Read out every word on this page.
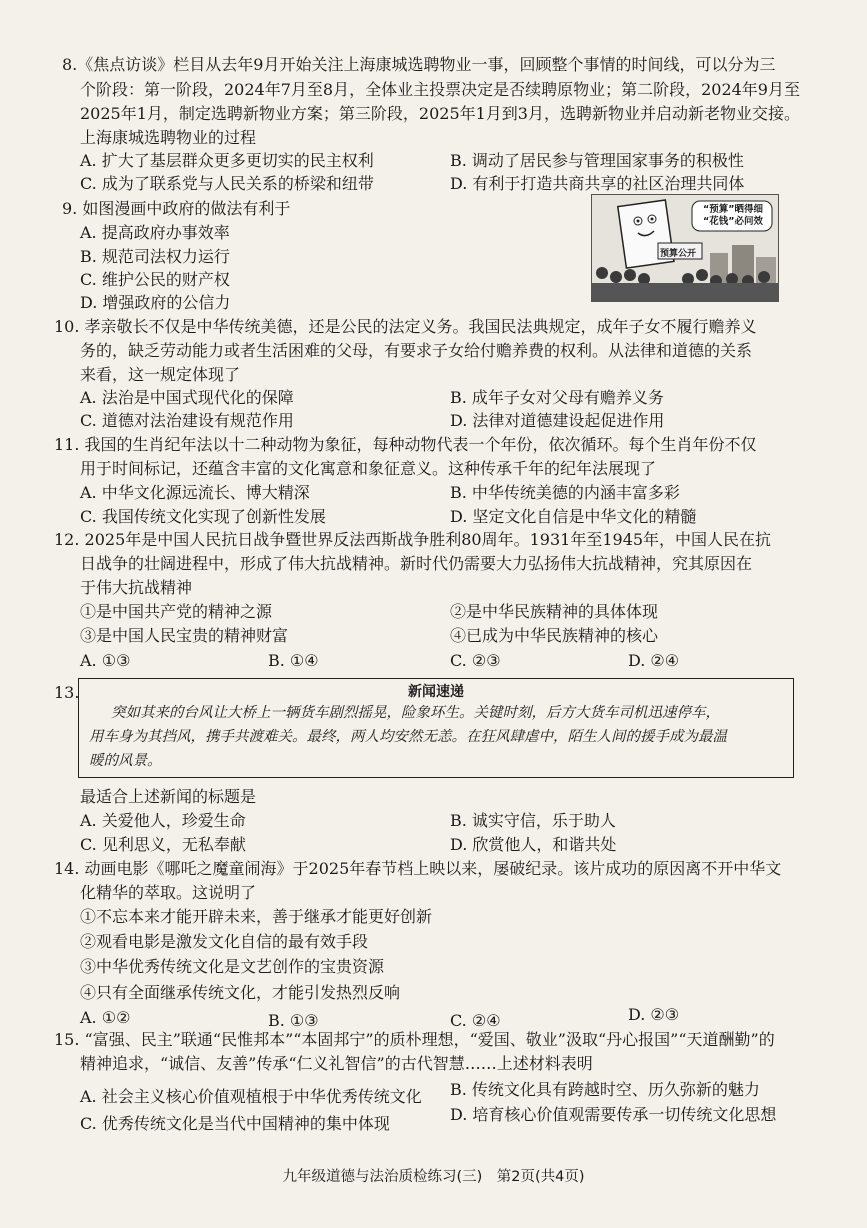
8.《焦点访谈》栏目从去年9月开始关注上海康城选聘物业一事，回顾整个事情的时间线，可以分为三
个阶段：第一阶段，2024年7月至8月，全体业主投票决定是否续聘原物业；第二阶段，2024年9月至
2025年1月，制定选聘新物业方案；第三阶段，2025年1月到3月，选聘新物业并启动新老物业交接。
上海康城选聘物业的过程
A. 扩大了基层群众更多更切实的民主权利	B. 调动了居民参与管理国家事务的积极性
C. 成为了联系党与人民关系的桥梁和纽带	D. 有利于打造共商共享的社区治理共同体
9. 如图漫画中政府的做法有利于
A. 提高政府办事效率
B. 规范司法权力运行
C. 维护公民的财产权
D. 增强政府的公信力
“预算”晒得细 “花钱”必问效
预算公开
10. 孝亲敬长不仅是中华传统美德，还是公民的法定义务。我国民法典规定，成年子女不履行赡养义
务的，缺乏劳动能力或者生活困难的父母，有要求子女给付赡养费的权利。从法律和道德的关系
来看，这一规定体现了
A. 法治是中国式现代化的保障	B. 成年子女对父母有赡养义务
C. 道德对法治建设有规范作用	D. 法律对道德建设起促进作用
11. 我国的生肖纪年法以十二种动物为象征，每种动物代表一个年份，依次循环。每个生肖年份不仅
用于时间标记，还蕴含丰富的文化寓意和象征意义。这种传承千年的纪年法展现了
A. 中华文化源远流长、博大精深	B. 中华传统美德的内涵丰富多彩
C. 我国传统文化实现了创新性发展	D. 坚定文化自信是中华文化的精髓
12. 2025年是中国人民抗日战争暨世界反法西斯战争胜利80周年。1931年至1945年，中国人民在抗
日战争的壮阔进程中，形成了伟大抗战精神。新时代仍需要大力弘扬伟大抗战精神，究其原因在
于伟大抗战精神
①是中国共产党的精神之源	②是中华民族精神的具体体现
③是中国人民宝贵的精神财富	④已成为中华民族精神的核心
A. ①③	B. ①④	C. ②③	D. ②④
13.	新闻速递
突如其来的台风让大桥上一辆货车剧烈摇晃，险象环生。关键时刻，后方大货车司机迅速停车，
用车身为其挡风，携手共渡难关。最终，两人均安然无恙。在狂风肆虐中，陌生人间的援手成为最温
暖的风景。
最适合上述新闻的标题是
A. 关爱他人，珍爱生命	B. 诚实守信，乐于助人
C. 见利思义，无私奉献	D. 欣赏他人，和谐共处
14. 动画电影《哪吒之魔童闹海》于2025年春节档上映以来，屡破纪录。该片成功的原因离不开中华文
化精华的萃取。这说明了
①不忘本来才能开辟未来，善于继承才能更好创新
②观看电影是激发文化自信的最有效手段
③中华优秀传统文化是文艺创作的宝贵资源
④只有全面继承传统文化，才能引发热烈反响
A. ①②	B. ①③	C. ②④	D. ②③
15. “富强、民主”联通“民惟邦本”“本固邦宁”的质朴理想，“爱国、敬业”汲取“丹心报国”“天道酬勤”的
精神追求，“诚信、友善”传承“仁义礼智信”的古代智慧……上述材料表明
A. 社会主义核心价值观植根于中华优秀传统文化 B. 传统文化具有跨越时空、历久弥新的魅力
C. 优秀传统文化是当代中国精神的集中体现	D. 培育核心价值观需要传承一切传统文化思想
九年级道德与法治质检练习(三)　第2页(共4页)
